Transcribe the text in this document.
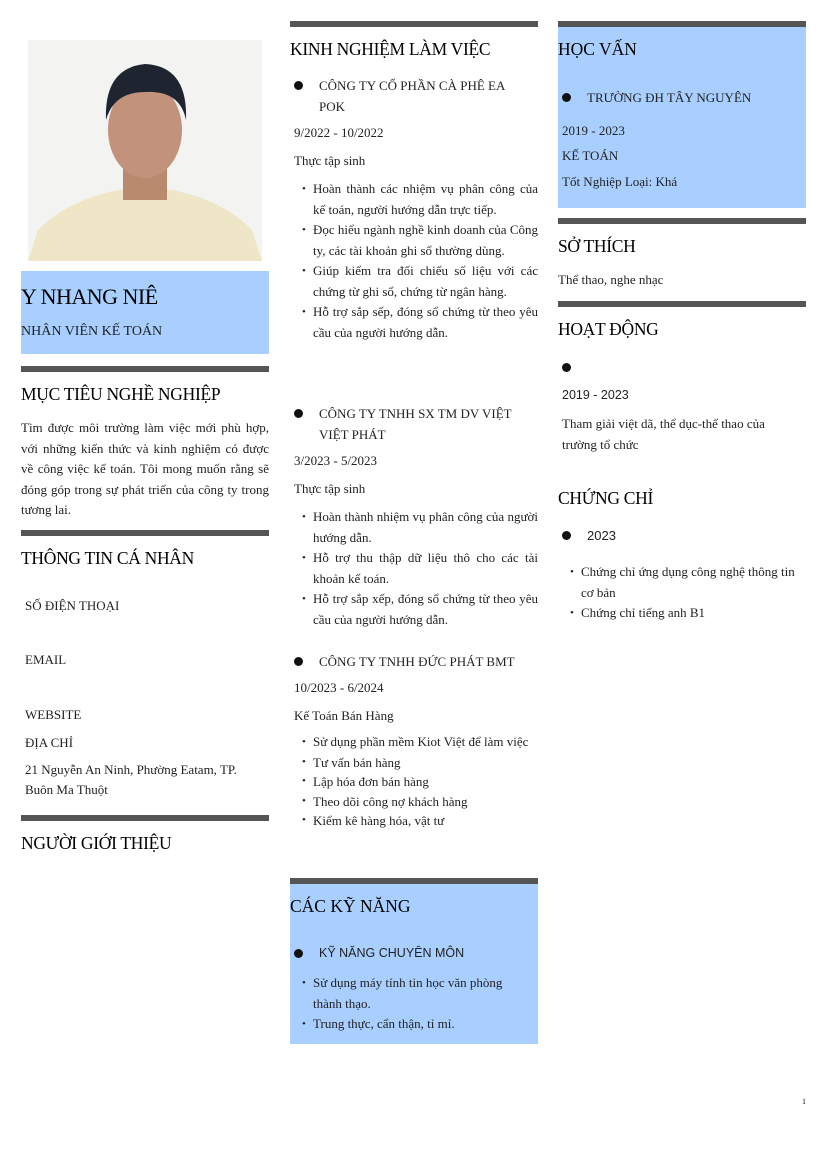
Y NHANG NIÊ
NHÂN VIÊN KẾ TOÁN
MỤC TIÊU NGHỀ NGHIỆP
Tìm được môi trường làm việc mới phù hợp, với những kiến thức và kinh nghiệm có được về công việc kế toán. Tôi mong muốn rằng sẽ đóng góp trong sự phát triển của công ty trong tương lai.
THÔNG TIN CÁ NHÂN
SỐ ĐIỆN THOẠI
EMAIL
WEBSITE
ĐỊA CHỈ
21 Nguyễn An Ninh, Phường Eatam, TP. Buôn Ma Thuột
NGƯỜI GIỚI THIỆU
KINH NGHIỆM LÀM VIỆC
CÔNG TY CỔ PHẦN CÀ PHÊ EA POK
9/2022 - 10/2022
Thực tập sinh
• Hoàn thành các nhiệm vụ phân công của kế toán, người hướng dẫn trực tiếp.
• Đọc hiểu ngành nghề kinh doanh của Công ty, các tài khoản ghi sổ thường dùng.
• Giúp kiểm tra đối chiếu số liệu với các chứng từ ghi sổ, chứng từ ngân hàng.
• Hỗ trợ sắp sếp, đóng sổ chứng từ theo yêu cầu của người hướng dẫn.
CÔNG TY TNHH SX TM DV VIỆT VIỆT PHÁT
3/2023 - 5/2023
Thực tập sinh
• Hoàn thành nhiệm vụ phân công của người hướng dẫn.
• Hỗ trợ thu thập dữ liệu thô cho các tài khoản kế toán.
• Hỗ trợ sắp xếp, đóng sổ chứng từ theo yêu cầu của người hướng dẫn.
CÔNG TY TNHH ĐỨC PHÁT BMT
10/2023 - 6/2024
Kế Toán Bán Hàng
• Sử dụng phần mềm Kiot Việt để làm việc
• Tư vấn bán hàng
• Lập hóa đơn bán hàng
• Theo dõi công nợ khách hàng
• Kiểm kê hàng hóa, vật tư
CÁC KỸ NĂNG
KỸ NĂNG CHUYÊN MÔN
• Sử dụng máy tính tin học văn phòng thành thạo.
• Trung thực, cẩn thận, tỉ mỉ.
HỌC VẤN
TRƯỜNG ĐH TÂY NGUYÊN
2019 - 2023
KẾ TOÁN
Tốt Nghiệp Loại: Khá
SỞ THÍCH
Thể thao, nghe nhạc
HOẠT ĐỘNG
2019 - 2023
Tham giải việt dã, thể dục-thể thao của trường tổ chức
CHỨNG CHỈ
2023
• Chứng chỉ ứng dụng công nghệ thông tin cơ bản
• Chứng chỉ tiếng anh B1
1
